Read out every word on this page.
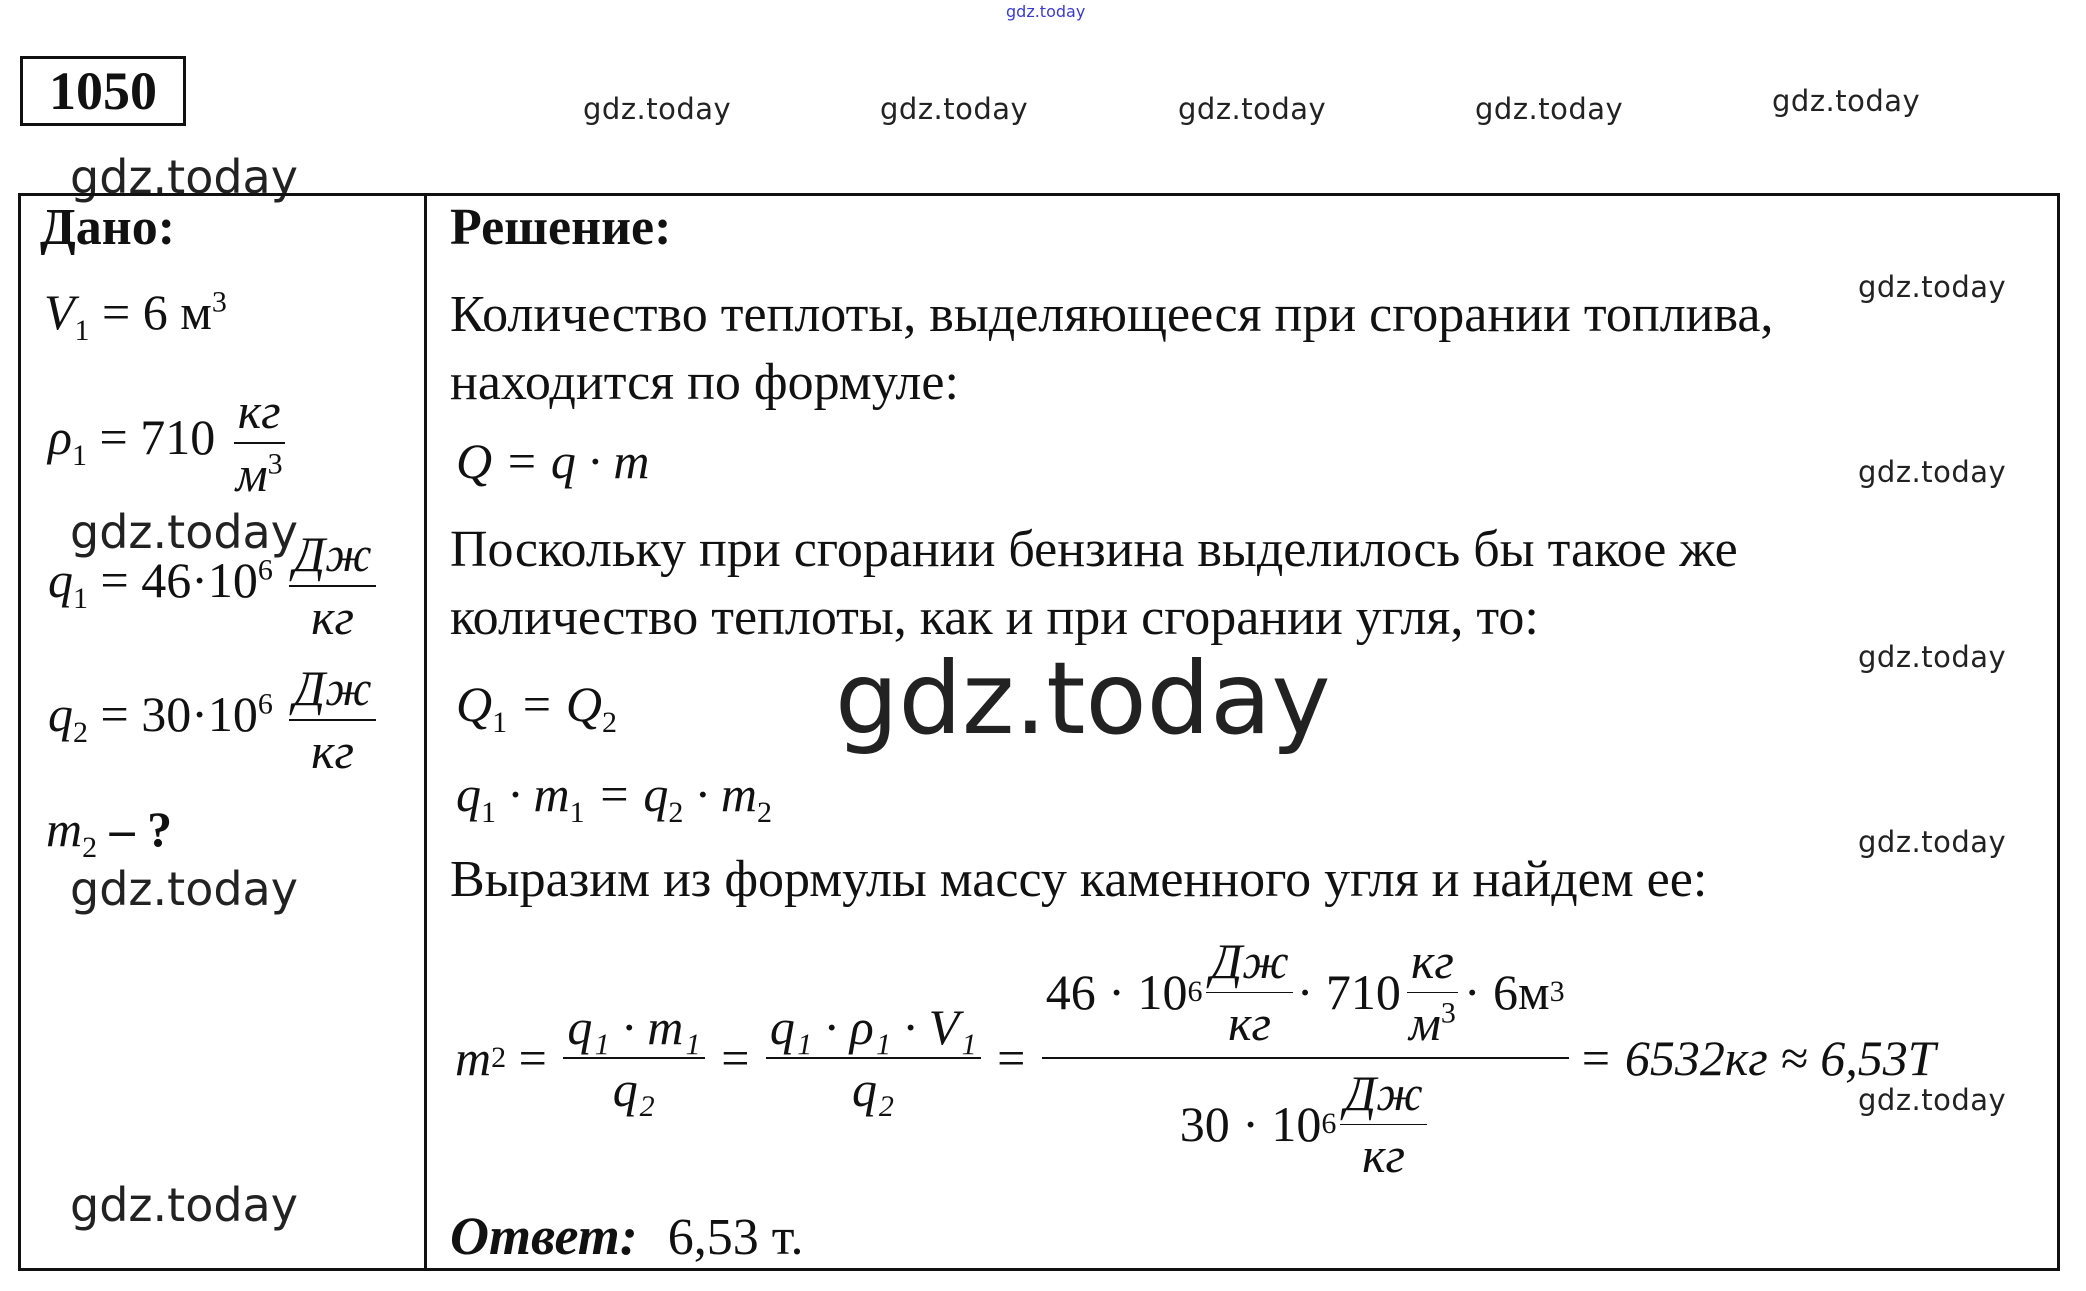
gdz.today
gdz.today	gdz.today	gdz.today	gdz.today	gdz.today
gdz.today
gdz.today
gdz.today
gdz.today
gdz.today
gdz.today
gdz.today
gdz.today
gdz.today
1050
Дано:
$V_1 = 6$ $м^3$
$\rho_1 = 710 \frac{кг}{м^3}$
$q_1 = 46\cdot 10^6 \frac{Дж}{кг}$
$q_2 = 30\cdot 10^6 \frac{Дж}{кг}$
$m_2$ – ?
Решение:
Количество теплоты, выделяющееся при сгорании топлива,
находится по формуле:
Q = q · m
Поскольку при сгорании бензина выделилось бы такое же
количество теплоты, как и при сгорании угля, то:
$Q_1 = Q_2$
$q_1 \cdot m_1 = q_2 \cdot m_2$
Выразим из формулы массу каменного угля и найдем ее:
m $2 = \frac{\text{q₁ · m₁}}{\text{q₂}} = \frac{\text{q₁ · ρ₁ · V₁}}{\text{q₂}} = \frac{46 \cdot 10 6 \frac{Дж}{кг} \cdot 710 \frac{кг}{м^3} \cdot 6м 3}{30 \cdot 10 6 \frac{Дж}{кг}} = 6532кг \approx 6,53Т$
Ответ: 6,53 т.
gdz.today
